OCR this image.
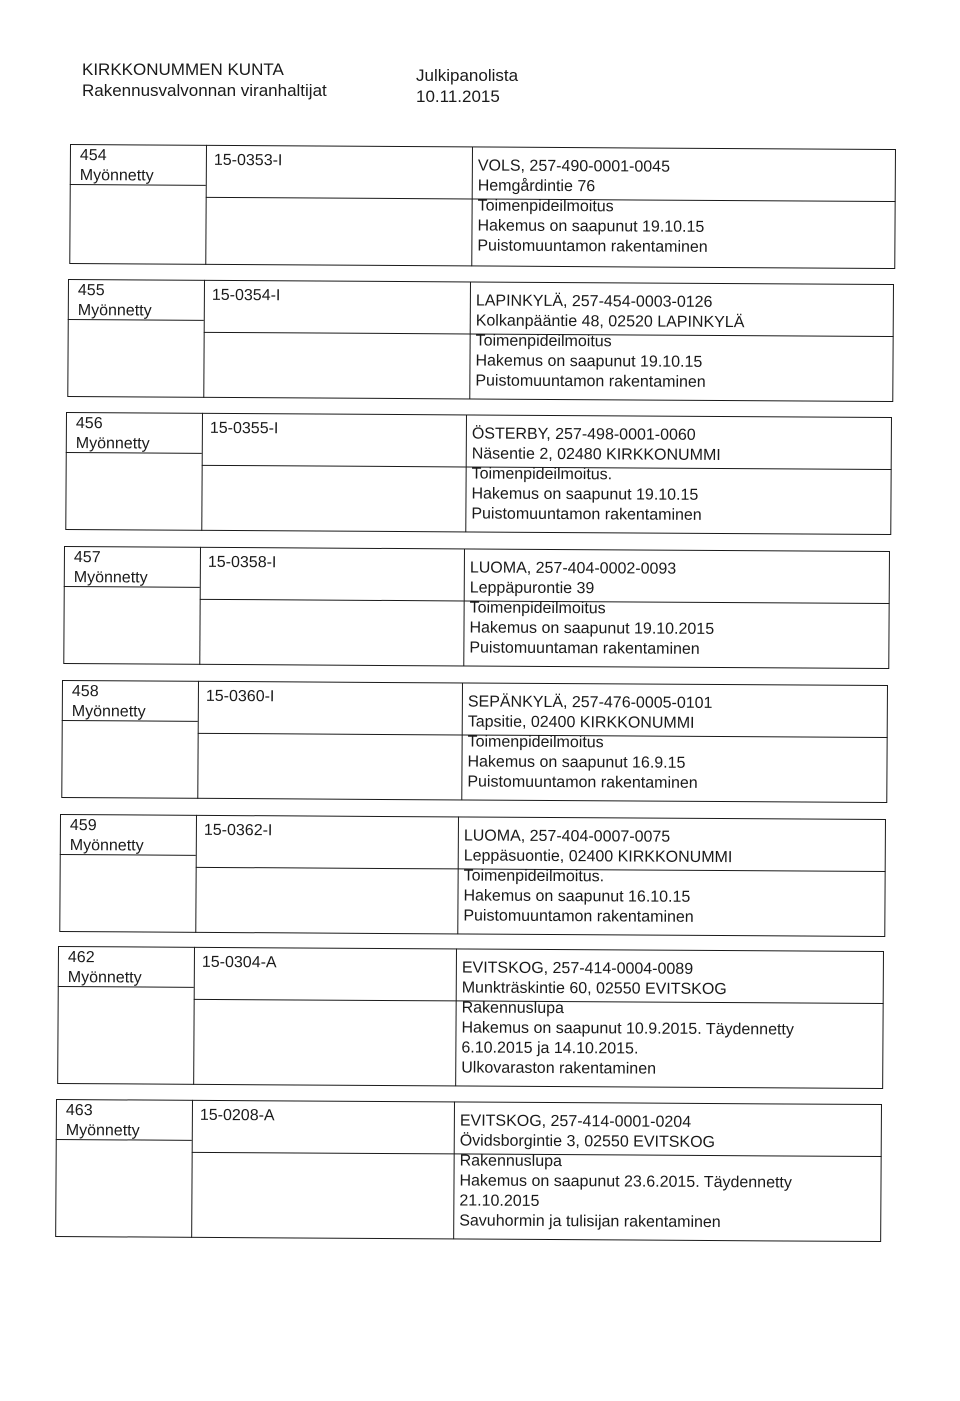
KIRKKONUMMEN KUNTA
Rakennusvalvonnan viranhaltijat
Julkipanolista
10.11.2015
454
Myönnetty
15-0353-I	VOLS, 257-490-0001-0045
Hemgårdintie 76
Toimenpideilmoitus
Hakemus on saapunut 19.10.15
Puistomuuntamon rakentaminen
455
Myönnetty
15-0354-I	LAPINKYLÄ, 257-454-0003-0126
Kolkanpääntie 48, 02520 LAPINKYLÄ
Toimenpideilmoitus
Hakemus on saapunut 19.10.15
Puistomuuntamon rakentaminen
456
Myönnetty
15-0355-I	ÖSTERBY, 257-498-0001-0060
Näsentie 2, 02480 KIRKKONUMMI
Toimenpideilmoitus.
Hakemus on saapunut 19.10.15
Puistomuuntamon rakentaminen
457
Myönnetty
15-0358-I	LUOMA, 257-404-0002-0093
Leppäpurontie 39
Toimenpideilmoitus
Hakemus on saapunut 19.10.2015
Puistomuuntaman rakentaminen
458
Myönnetty
15-0360-I	SEPÄNKYLÄ, 257-476-0005-0101
Tapsitie, 02400 KIRKKONUMMI
Toimenpideilmoitus
Hakemus on saapunut 16.9.15
Puistomuuntamon rakentaminen
459
Myönnetty
15-0362-I	LUOMA, 257-404-0007-0075
Leppäsuontie, 02400 KIRKKONUMMI
Toimenpideilmoitus.
Hakemus on saapunut 16.10.15
Puistomuuntamon rakentaminen
462
Myönnetty
15-0304-A	EVITSKOG, 257-414-0004-0089
Munkträskintie 60, 02550 EVITSKOG
Rakennuslupa
Hakemus on saapunut 10.9.2015. Täydennetty
6.10.2015 ja 14.10.2015.
Ulkovaraston rakentaminen
463
Myönnetty
15-0208-A	EVITSKOG, 257-414-0001-0204
Övidsborgintie 3, 02550 EVITSKOG
Rakennuslupa
Hakemus on saapunut 23.6.2015. Täydennetty
21.10.2015
Savuhormin ja tulisijan rakentaminen
